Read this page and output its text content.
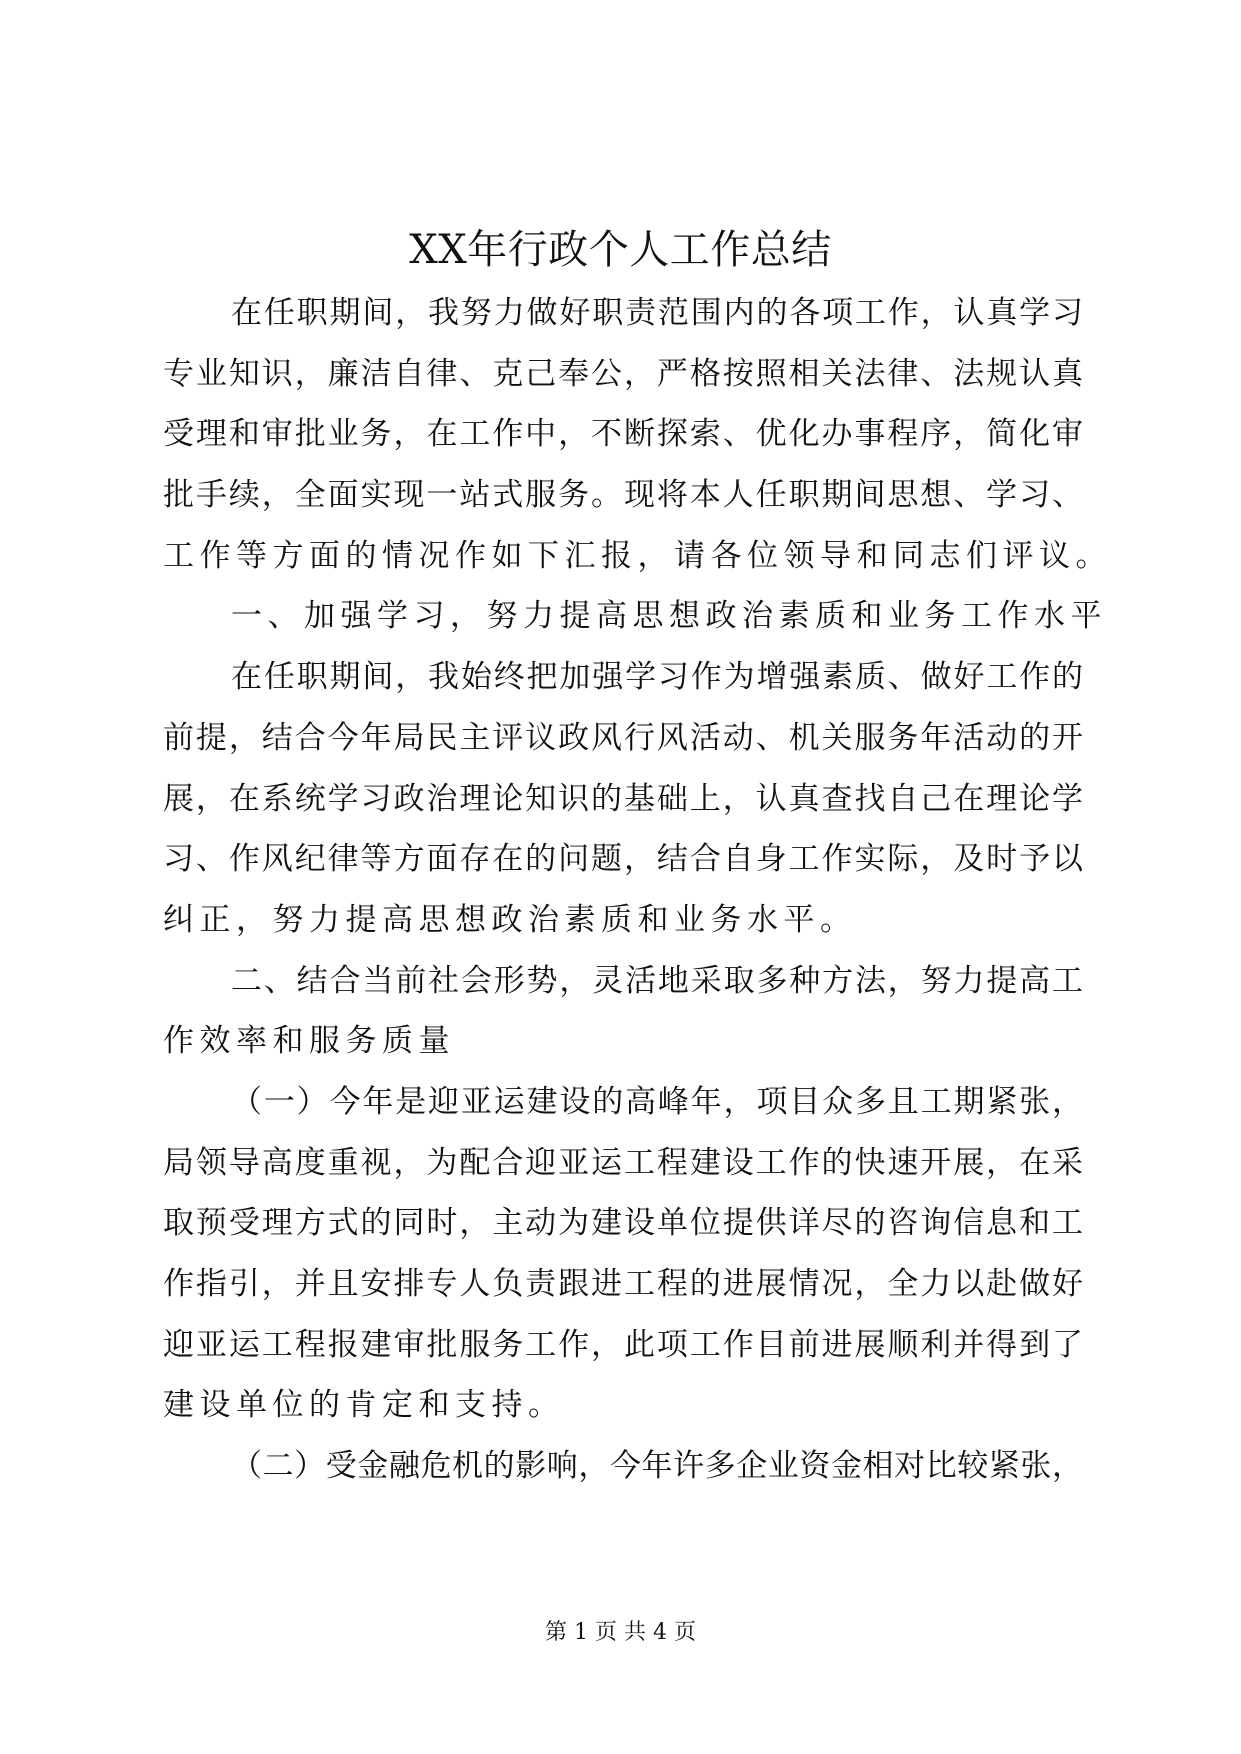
XX年行政个人工作总结
在任职期间，我努力做好职责范围内的各项工作，认真学习
专业知识，廉洁自律、克己奉公，严格按照相关法律、法规认真
受理和审批业务，在工作中，不断探索、优化办事程序，简化审
批手续，全面实现一站式服务。现将本人任职期间思想、学习、
工作等方面的情况作如下汇报，请各位领导和同志们评议。
一、加强学习，努力提高思想政治素质和业务工作水平
在任职期间，我始终把加强学习作为增强素质、做好工作的
前提，结合今年局民主评议政风行风活动、机关服务年活动的开
展，在系统学习政治理论知识的基础上，认真查找自己在理论学
习、作风纪律等方面存在的问题，结合自身工作实际，及时予以
纠正，努力提高思想政治素质和业务水平。
二、结合当前社会形势，灵活地采取多种方法，努力提高工
作效率和服务质量
（一）今年是迎亚运建设的高峰年，项目众多且工期紧张，
局领导高度重视，为配合迎亚运工程建设工作的快速开展，在采
取预受理方式的同时，主动为建设单位提供详尽的咨询信息和工
作指引，并且安排专人负责跟进工程的进展情况，全力以赴做好
迎亚运工程报建审批服务工作，此项工作目前进展顺利并得到了
建设单位的肯定和支持。
（二）受金融危机的影响，今年许多企业资金相对比较紧张，
第 1 页 共 4 页
